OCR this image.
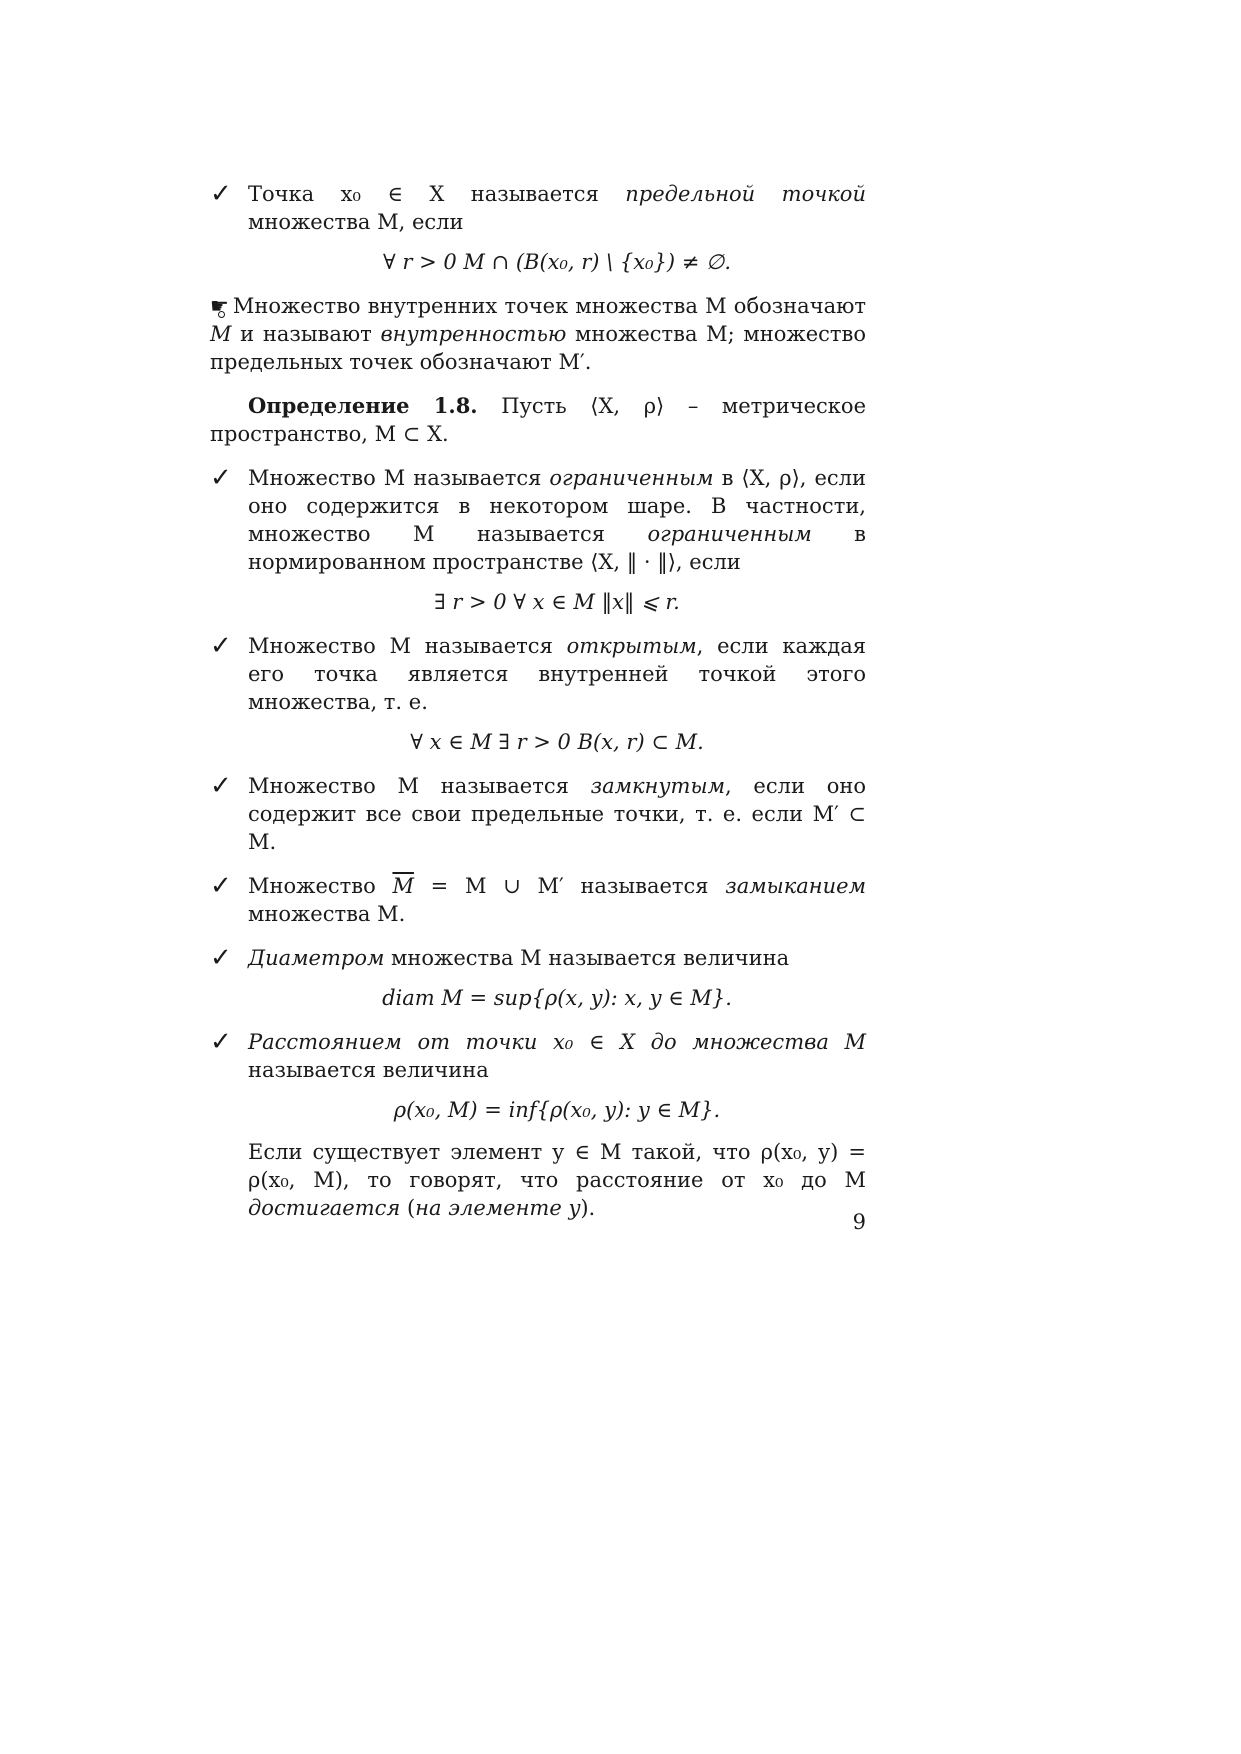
✓ Точка x₀ ∈ X называется предельной точкой множества M, если
∀ r > 0 M ∩ (B(x₀, r) \ {x₀}) ≠ ∅.
☛ Множество внутренних точек множества M обозначают M и называют внутренностью множества M; множество предельных точек обозначают M′.
Определение 1.8. Пусть ⟨X, ρ⟩ – метрическое пространство, M ⊂ X.
✓ Множество M называется ограниченным в ⟨X, ρ⟩, если оно содержится в некотором шаре. В частности, множество M называется ограниченным в нормированном пространстве ⟨X, ‖ · ‖⟩, если
∃ r > 0 ∀ x ∈ M ‖x‖ ⩽ r.
✓ Множество M называется открытым, если каждая его точка является внутренней точкой этого множества, т. е.
∀ x ∈ M ∃ r > 0 B(x, r) ⊂ M.
✓ Множество M называется замкнутым, если оно содержит все свои предельные точки, т. е. если M′ ⊂ M.
✓ Множество $\overline{M} = M$ ∪ M′ называется замыканием множества M.
✓ Диаметром множества M называется величина
diam M = sup{ρ(x, y): x, y ∈ M}.
✓ Расстоянием от точки x₀ ∈ X до множества M называется величина
ρ(x₀, M) = inf{ρ(x₀, y): y ∈ M}.
Если существует элемент y ∈ M такой, что ρ(x₀, y) = ρ(x₀, M), то говорят, что расстояние от x₀ до M достигается (на элементе y).
9
